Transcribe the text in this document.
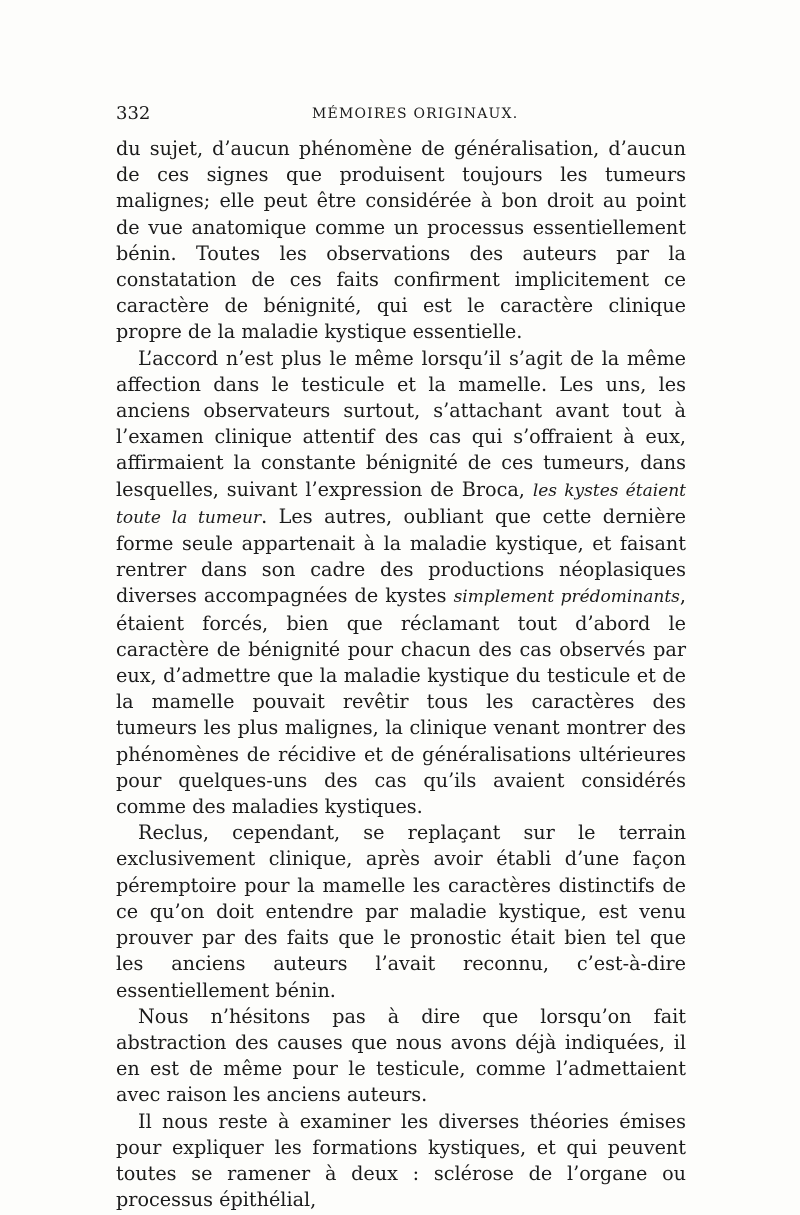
332	MÉMOIRES ORIGINAUX.

du sujet, d’aucun phénomène de généralisation, d’aucun de ces signes que produisent toujours les tumeurs malignes; elle peut être considérée à bon droit au point de vue anatomique comme un processus essentiellement bénin. Toutes les observations des auteurs par la constatation de ces faits confirment implicitement ce caractère de bénignité, qui est le caractère clinique propre de la maladie kystique essentielle.

L’accord n’est plus le même lorsqu’il s’agit de la même affection dans le testicule et la mamelle. Les uns, les anciens observateurs surtout, s’attachant avant tout à l’examen clinique attentif des cas qui s’offraient à eux, affirmaient la constante bénignité de ces tumeurs, dans lesquelles, suivant l’expression de Broca, les kystes étaient toute la tumeur. Les autres, oubliant que cette dernière forme seule appartenait à la maladie kystique, et faisant rentrer dans son cadre des productions néoplasiques diverses accompagnées de kystes simplement prédominants, étaient forcés, bien que réclamant tout d’abord le caractère de bénignité pour chacun des cas observés par eux, d’admettre que la maladie kystique du testicule et de la mamelle pouvait revêtir tous les caractères des tumeurs les plus malignes, la clinique venant montrer des phénomènes de récidive et de généralisations ultérieures pour quelques-uns des cas qu’ils avaient considérés comme des maladies kystiques.

Reclus, cependant, se replaçant sur le terrain exclusivement clinique, après avoir établi d’une façon péremptoire pour la mamelle les caractères distinctifs de ce qu’on doit entendre par maladie kystique, est venu prouver par des faits que le pronostic était bien tel que les anciens auteurs l’avait reconnu, c’est-à-dire essentiellement bénin.

Nous n’hésitons pas à dire que lorsqu’on fait abstraction des causes que nous avons déjà indiquées, il en est de même pour le testicule, comme l’admettaient avec raison les anciens auteurs.

Il nous reste à examiner les diverses théories émises pour expliquer les formations kystiques, et qui peuvent toutes se ramener à deux : sclérose de l’organe ou processus épithélial,
